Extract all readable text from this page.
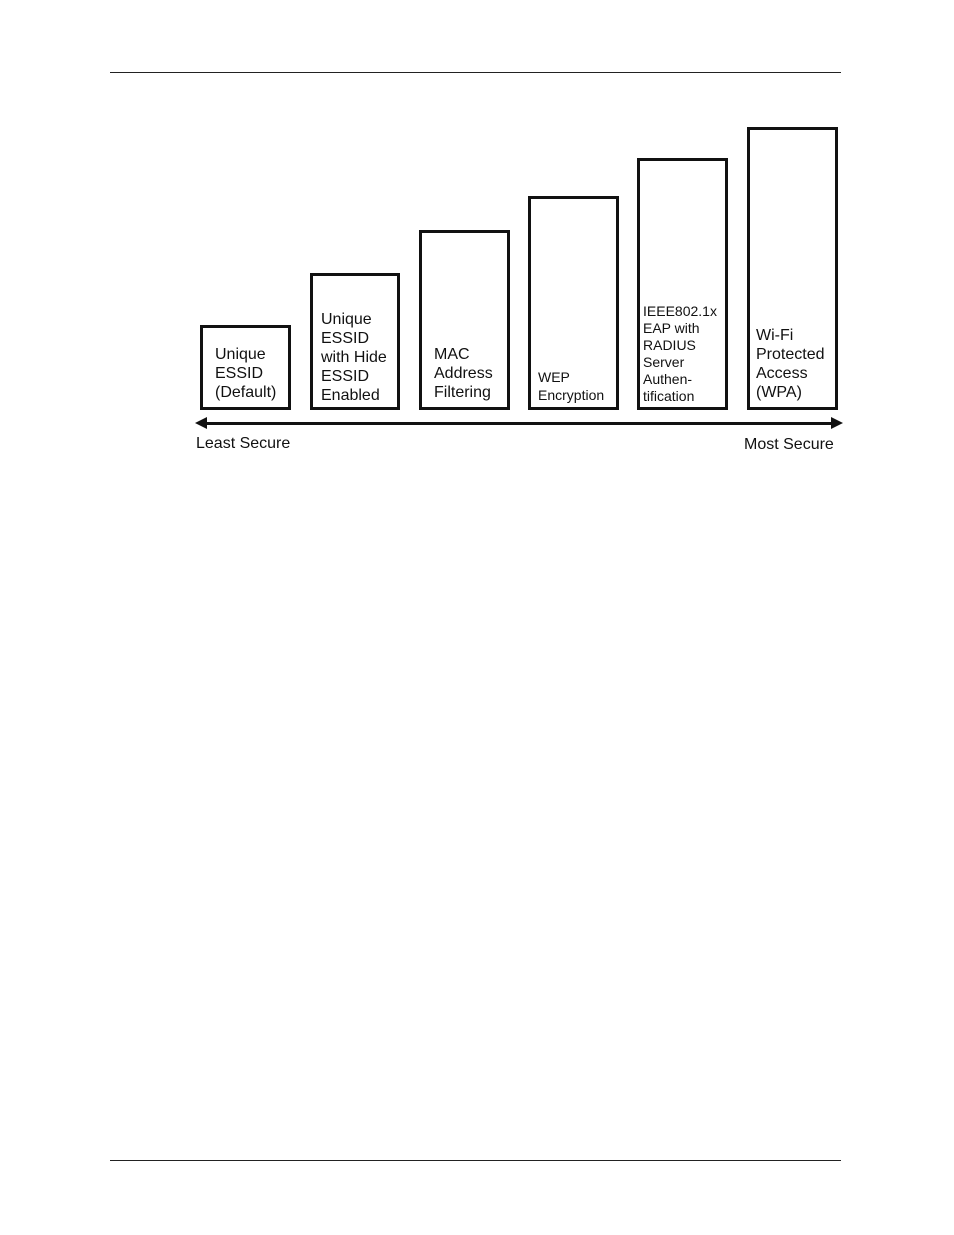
Unique
ESSID
(Default)
Unique
ESSID
with Hide
ESSID
Enabled
MAC
Address
Filtering
WEP
Encryption
IEEE802.1x
EAP with
RADIUS
Server
Authen-
tification
Wi-Fi
Protected
Access
(WPA)
Least Secure	Most Secure
